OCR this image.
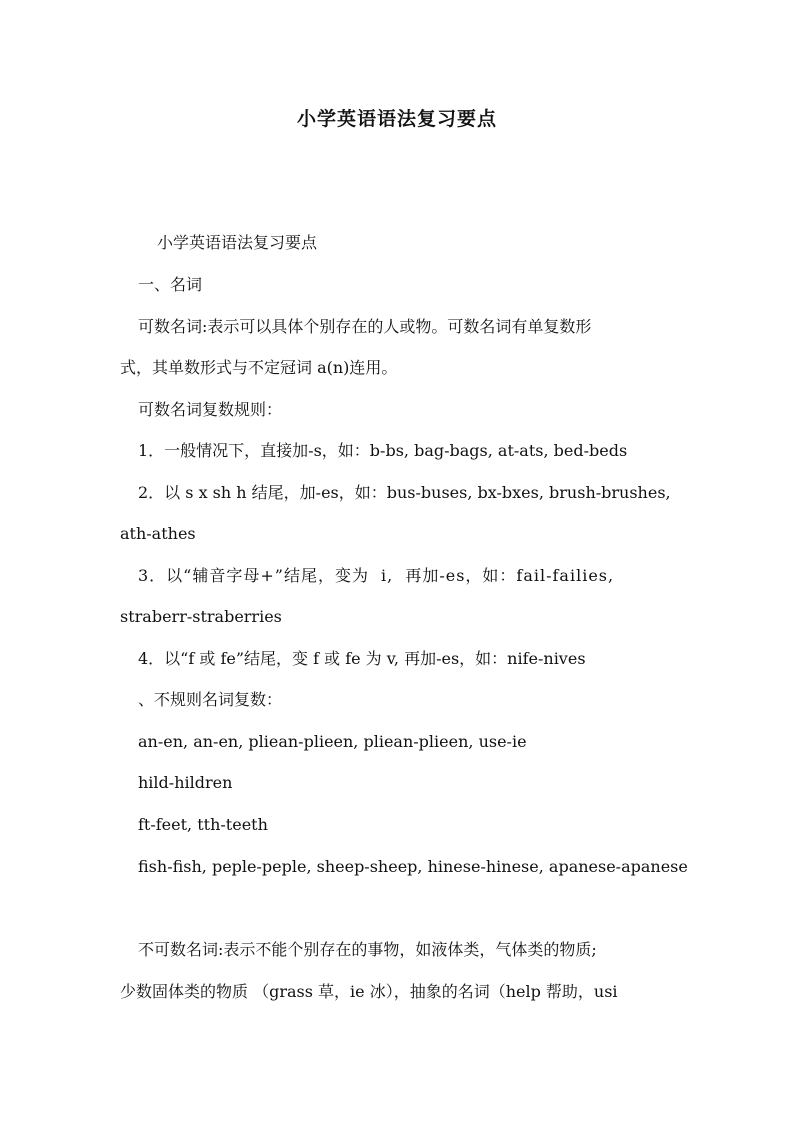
小学英语语法复习要点
小学英语语法复习要点
一、名词
可数名词:表示可以具体个别存在的人或物。可数名词有单复数形
式，其单数形式与不定冠词 a(n)连用。
可数名词复数规则：
1．一般情况下，直接加-s，如：b-bs, bag-bags, at-ats, bed-beds
2．以 s x sh h 结尾，加-es，如：bus-buses, bx-bxes, brush-brushes,
ath-athes
3．以“辅音字母+”结尾，变为 i, 再加-es，如：fail-failies,
straberr-straberries
4．以“f 或 fe”结尾，变 f 或 fe 为 v, 再加-es，如：nife-nives
、不规则名词复数：
an-en, an-en, pliean-plieen, pliean-plieen, use-ie
hild-hildren
ft-feet, tth-teeth
fish-fish, peple-peple, sheep-sheep, hinese-hinese, apanese-apanese
不可数名词:表示不能个别存在的事物，如液体类，气体类的物质;
少数固体类的物质 （grass 草，ie 冰），抽象的名词（help 帮助，usi
